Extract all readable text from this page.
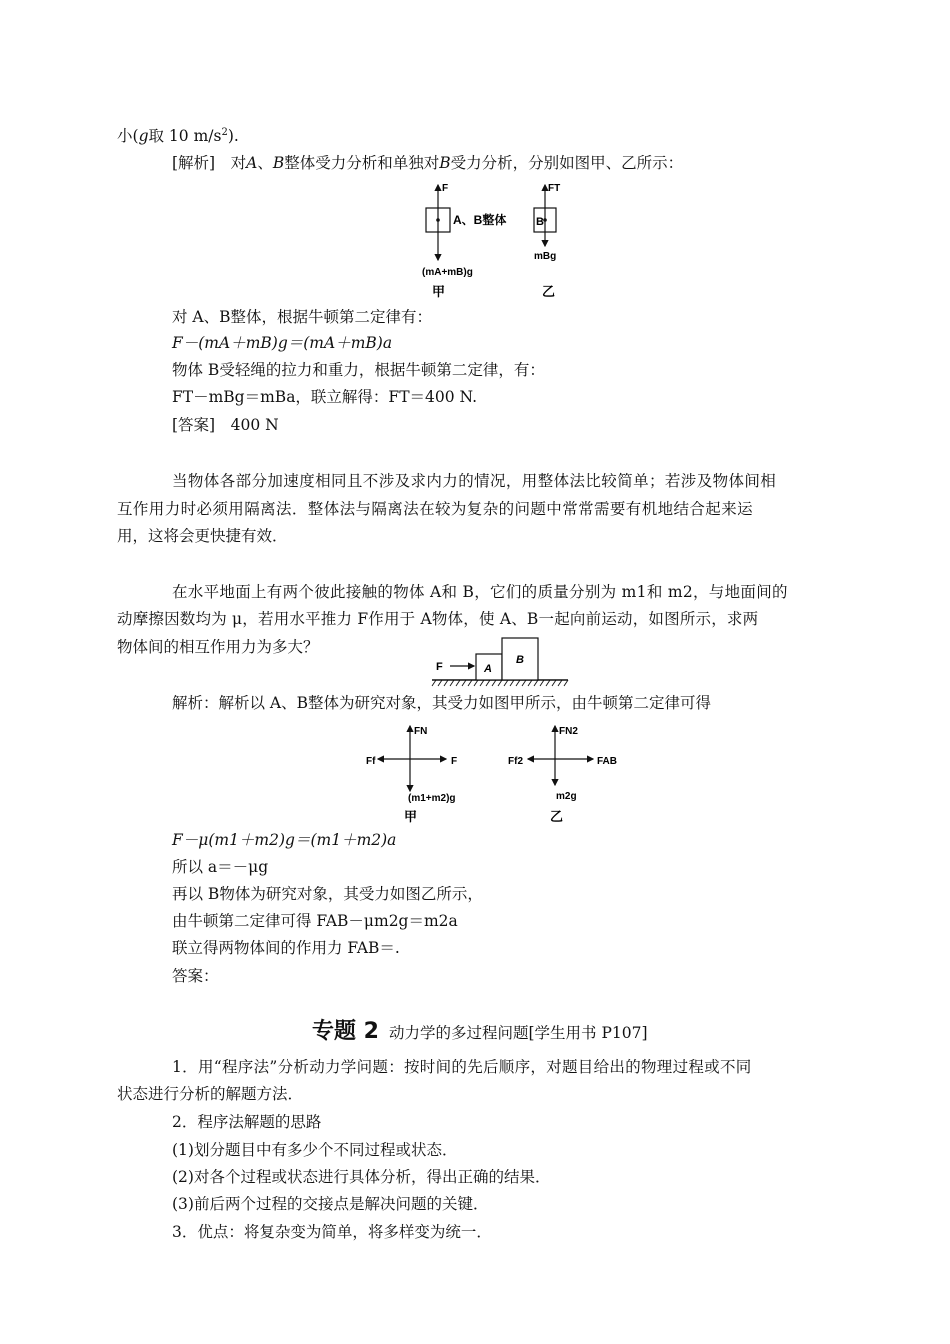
小(g取 10 $m/s^2$).
[解析]　对A、B整体受力分析和单独对B受力分析，分别如图甲、乙所示：
F
A、B整体
(mA+mB)g
甲
FT
B
mBg
乙
对 A、B整体，根据牛顿第二定律有：
F－(mA＋mB)g＝(mA＋mB)a
物体 B受轻绳的拉力和重力，根据牛顿第二定律，有：
FT－mBg＝mBa，联立解得：FT＝400 N.
[答案]　400 N
当物体各部分加速度相同且不涉及求内力的情况，用整体法比较简单；若涉及物体间相
互作用力时必须用隔离法．整体法与隔离法在较为复杂的问题中常常需要有机地结合起来运
用，这将会更快捷有效．
在水平地面上有两个彼此接触的物体 A和 B，它们的质量分别为 m1和 m2，与地面间的
动摩擦因数均为 μ，若用水平推力 F作用于 A物体，使 A、B一起向前运动，如图所示，求两
物体间的相互作用力为多大？
F	A
B
解析：解析以 A、B整体为研究对象，其受力如图甲所示，由牛顿第二定律可得
FN
Ff	F
(m1+m2)g
甲
FN2
Ff2	FAB
m2g
乙
F－μ(m1＋m2)g＝(m1＋m2)a
所以 a＝－μg
再以 B物体为研究对象，其受力如图乙所示，
由牛顿第二定律可得 FAB－μm2g＝m2a
联立得两物体间的作用力 FAB＝.
答案：
专题 2 动力学的多过程问题[学生用书 P107]
1．用“程序法”分析动力学问题：按时间的先后顺序，对题目给出的物理过程或不同
状态进行分析的解题方法．
2．程序法解题的思路
(1)划分题目中有多少个不同过程或状态．
(2)对各个过程或状态进行具体分析，得出正确的结果．
(3)前后两个过程的交接点是解决问题的关键．
3．优点：将复杂变为简单，将多样变为统一．
